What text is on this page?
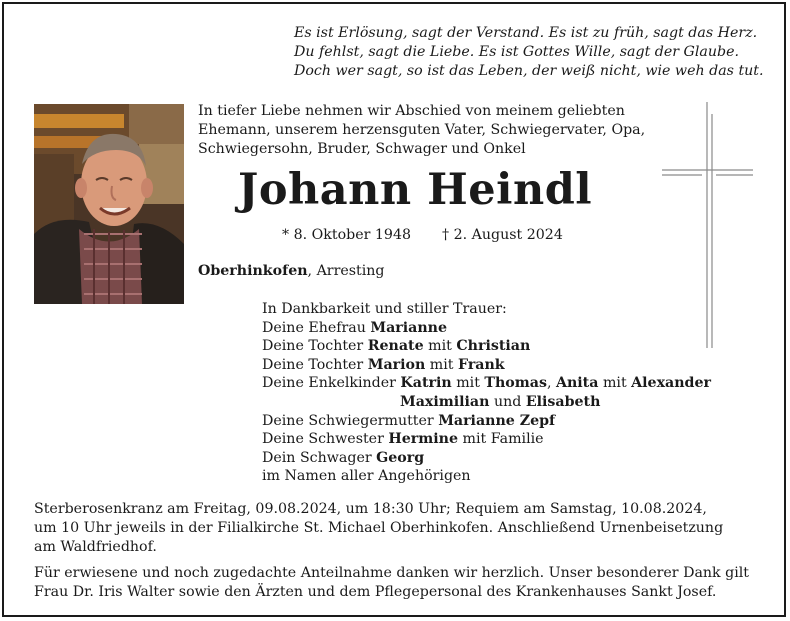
Es ist Erlösung, sagt der Verstand. Es ist zu früh, sagt das Herz.
Du fehlst, sagt die Liebe. Es ist Gottes Wille, sagt der Glaube.
Doch wer sagt, so ist das Leben, der weiß nicht, wie weh das tut.
In tiefer Liebe nehmen wir Abschied von meinem geliebten
Ehemann, unserem herzensguten Vater, Schwiegervater, Opa,
Schwiegersohn, Bruder, Schwager und Onkel
Johann Heindl
* 8. Oktober 1948 † 2. August 2024
Oberhinkofen, Arresting
In Dankbarkeit und stiller Trauer:
Deine Ehefrau Marianne
Deine Tochter Renate mit Christian
Deine Tochter Marion mit Frank
Deine Enkelkinder Katrin mit Thomas, Anita mit Alexander
Maximilian und Elisabeth
Deine Schwiegermutter Marianne Zepf
Deine Schwester Hermine mit Familie
Dein Schwager Georg
im Namen aller Angehörigen
Sterberosenkranz am Freitag, 09.08.2024, um 18:30 Uhr; Requiem am Samstag, 10.08.2024,
um 10 Uhr jeweils in der Filialkirche St. Michael Oberhinkofen. Anschließend Urnenbeisetzung
am Waldfriedhof.
Für erwiesene und noch zugedachte Anteilnahme danken wir herzlich. Unser besonderer Dank gilt
Frau Dr. Iris Walter sowie den Ärzten und dem Pflegepersonal des Krankenhauses Sankt Josef.
